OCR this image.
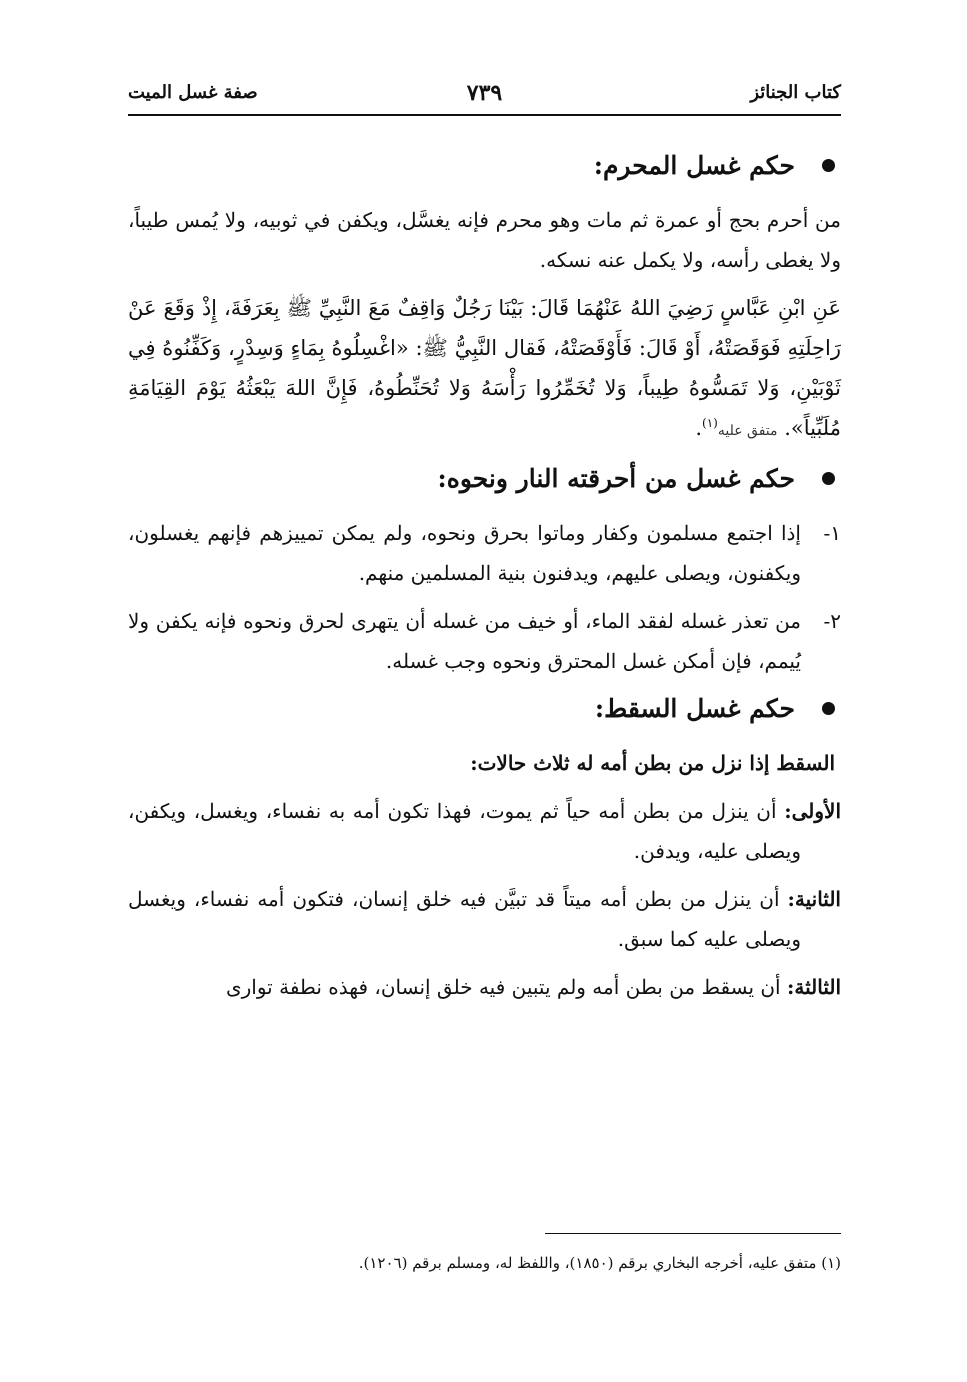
كتاب الجنائز
٧٣٩
صفة غسل الميت
حكم غسل المحرم:

من أحرم بحج أو عمرة ثم مات وهو محرم فإنه يغسَّل، ويكفن في ثوبيه، ولا يُمس طيباً، ولا يغطى رأسه، ولا يكمل عنه نسكه.

عَنِ ابْنِ عَبَّاسٍ رَضِيَ اللهُ عَنْهُمَا قَالَ: بَيْنَا رَجُلٌ وَاقِفٌ مَعَ النَّبِيِّ ﷺ بِعَرَفَةَ، إِذْ وَقَعَ عَنْ رَاحِلَتِهِ فَوَقَصَتْهُ، أَوْ قَالَ: فَأَوْقَصَتْهُ، فَقال النَّبِيُّ ﷺ: «اغْسِلُوهُ بِمَاءٍ وَسِدْرٍ، وَكَفِّنُوهُ فِي ثَوْبَيْنِ، وَلا تَمَسُّوهُ طِيباً، وَلا تُخَمِّرُوا رَأْسَهُ وَلا تُحَنِّطُوهُ، فَإِنَّ اللهَ يَبْعَثُهُ يَوْمَ القِيَامَةِ مُلَبِّياً». متفق عليه$^{(١)}$.

حكم غسل من أحرقته النار ونحوه:
١-
إذا اجتمع مسلمون وكفار وماتوا بحرق ونحوه، ولم يمكن تمييزهم فإنهم يغسلون، ويكفنون، ويصلى عليهم، ويدفنون بنية المسلمين منهم.
٢-
من تعذر غسله لفقد الماء، أو خيف من غسله أن يتهرى لحرق ونحوه فإنه يكفن ولا يُيمم، فإن أمكن غسل المحترق ونحوه وجب غسله.
حكم غسل السقط:
السقط إذا نزل من بطن أمه له ثلاث حالات:

الأولى: أن ينزل من بطن أمه حياً ثم يموت، فهذا تكون أمه به نفساء، ويغسل، ويكفن، ويصلى عليه، ويدفن.

الثانية: أن ينزل من بطن أمه ميتاً قد تبيَّن فيه خلق إنسان، فتكون أمه نفساء، ويغسل ويصلى عليه كما سبق.

الثالثة: أن يسقط من بطن أمه ولم يتبين فيه خلق إنسان، فهذه نطفة توارى

(١) متفق عليه، أخرجه البخاري برقم (١٨٥٠)، واللفظ له، ومسلم برقم (١٢٠٦).
